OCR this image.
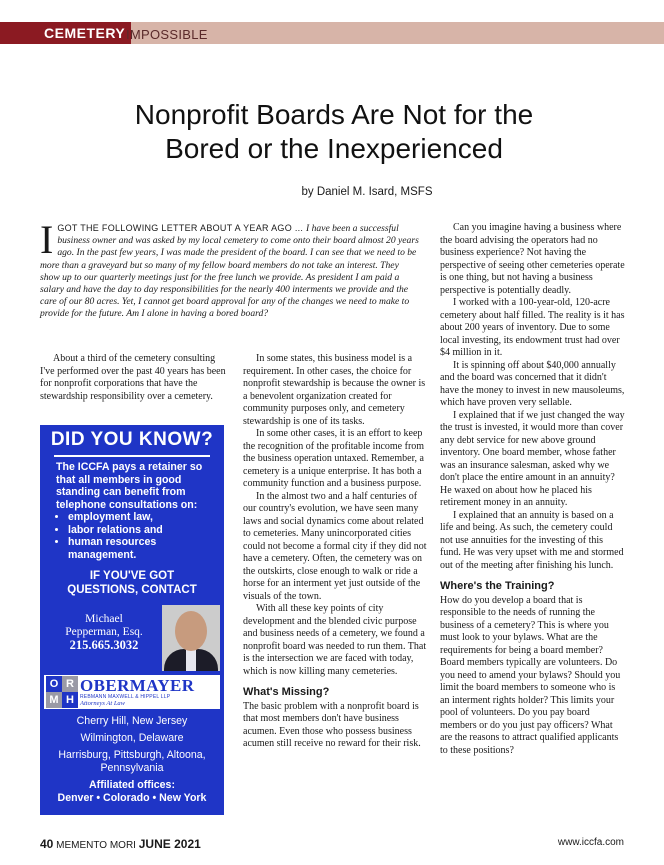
CEMETERY IMPOSSIBLE
Nonprofit Boards Are Not for the
Bored or the Inexperienced
by Daniel M. Isard, MSFS
I GOT THE FOLLOWING LETTER ABOUT A YEAR AGO ... I have been a successful business owner and was asked by my local cemetery to come onto their board almost 20 years ago. In the past few years, I was made the president of the board. I can see that we need to be more than a graveyard but so many of my fellow board members do not take an interest. They show up to our quarterly meetings just for the free lunch we provide. As president I am paid a salary and have the day to day responsibilities for the nearly 400 interments we provide and the care of our 80 acres. Yet, I cannot get board approval for any of the changes we need to make to provide for the future. Am I alone in having a bored board?

About a third of the cemetery consulting I've performed over the past 40 years has been for nonprofit corporations that have the stewardship responsibility over a cemetery.

DID YOU KNOW?
The ICCFA pays a retainer so that all members in good standing can benefit from telephone consultations on:
• employment law,
• labor relations and
• human resources management.
IF YOU'VE GOT
QUESTIONS, CONTACT
Michael
Pepperman, Esq.
215.665.3032
O R
M H
OBERMAYER
REBMANN MAXWELL & HIPPEL LLP
Attorneys At Law
Cherry Hill, New Jersey
Wilmington, Delaware
Harrisburg, Pittsburgh, Altoona, Pennsylvania
Affiliated offices:
Denver • Colorado • New York

In some states, this business model is a requirement. In other cases, the choice for nonprofit stewardship is because the owner is a benevolent organization created for community purposes only, and cemetery stewardship is one of its tasks.

In some other cases, it is an effort to keep the recognition of the profitable income from the business operation untaxed. Remember, a cemetery is a unique enterprise. It has both a community function and a business purpose.

In the almost two and a half centuries of our country's evolution, we have seen many laws and social dynamics come about related to cemeteries. Many unincorporated cities could not become a formal city if they did not have a cemetery. Often, the cemetery was on the outskirts, close enough to walk or ride a horse for an interment yet just outside of the visuals of the town.

With all these key points of city development and the blended civic purpose and business needs of a cemetery, we found a nonprofit board was needed to run them. That is the intersection we are faced with today, which is now killing many cemeteries.

What's Missing?

The basic problem with a nonprofit board is that most members don't have business acumen. Even those who possess business acumen still receive no reward for their risk.

Can you imagine having a business where the board advising the operators had no business experience? Not having the perspective of seeing other cemeteries operate is one thing, but not having a business perspective is potentially deadly.

I worked with a 100-year-old, 120-acre cemetery about half filled. The reality is it has about 200 years of inventory. Due to some local investing, its endowment trust had over $4 million in it.

It is spinning off about $40,000 annually and the board was concerned that it didn't have the money to invest in new mausoleums, which have proven very sellable.

I explained that if we just changed the way the trust is invested, it would more than cover any debt service for new above ground inventory. One board member, whose father was an insurance salesman, asked why we don't place the entire amount in an annuity? He waxed on about how he placed his retirement money in an annuity.

I explained that an annuity is based on a life and being. As such, the cemetery could not use annuities for the investing of this fund. He was very upset with me and stormed out of the meeting after finishing his lunch.

Where's the Training?

How do you develop a board that is responsible to the needs of running the business of a cemetery? This is where you must look to your bylaws. What are the requirements for being a board member? Board members typically are volunteers. Do you need to amend your bylaws? Should you limit the board members to someone who is an interment rights holder? This limits your pool of volunteers. Do you pay board members or do you just pay officers? What are the reasons to attract qualified applicants to these positions?

40 MEMENTO MORI JUNE 2021	www.iccfa.com
